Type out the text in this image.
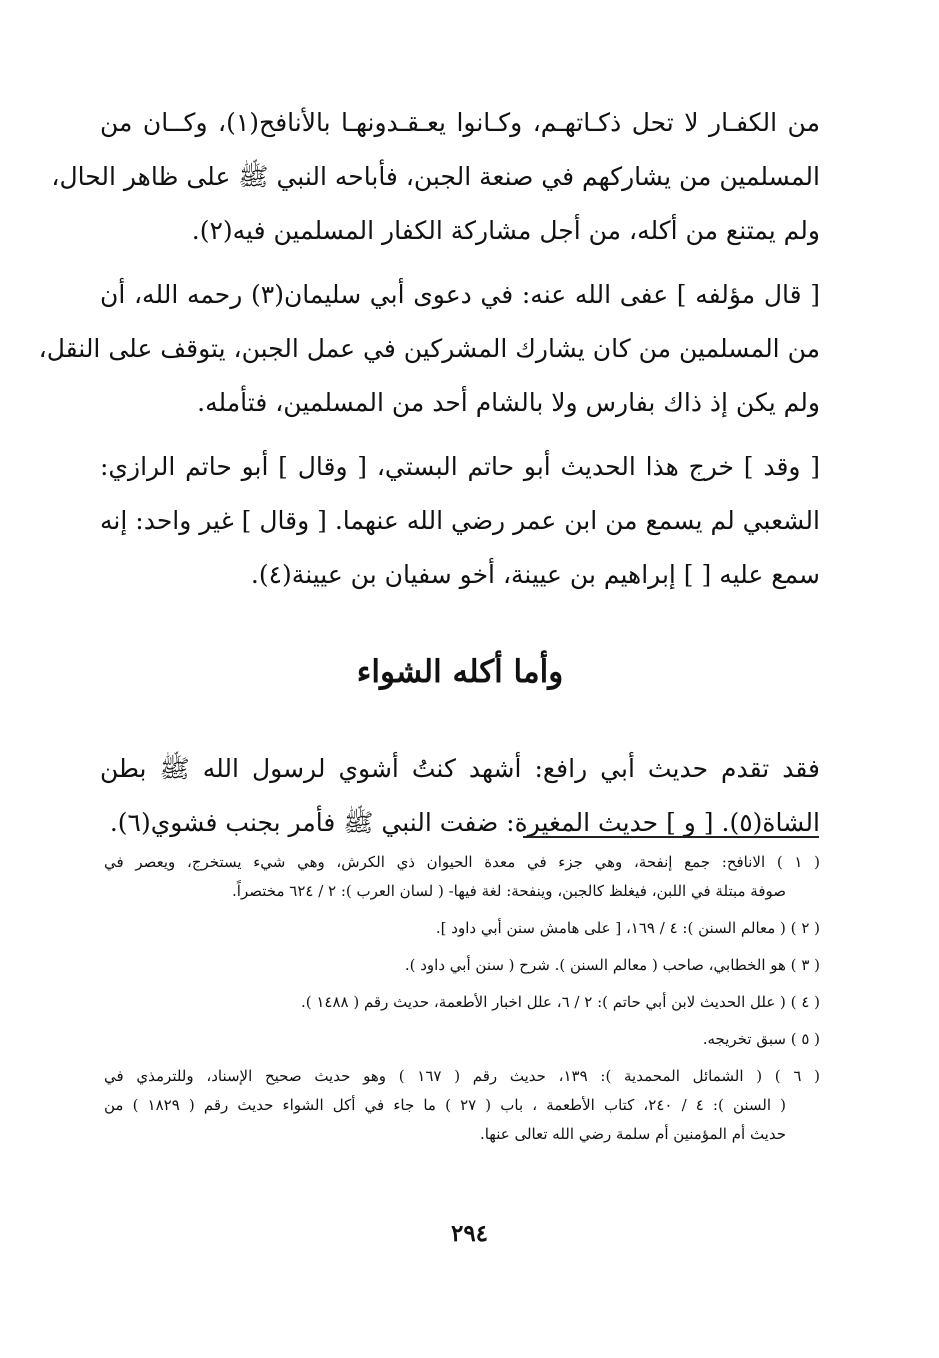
من الكفـار لا تحل ذكـاتهـم، وكـانوا يعـقـدونهـا بالأنافح(١)، وكــان من
المسلمين من يشاركهم في صنعة الجبن، فأباحه النبي ﷺ على ظاهر الحال،
ولم يمتنع من أكله، من أجل مشاركة الكفار المسلمين فيه(٢).
[ قال مؤلفه ] عفى الله عنه: في دعوى أبي سليمان(٣) رحمه الله، أن
من المسلمين من كان يشارك المشركين في عمل الجبن، يتوقف على النقل،
ولم يكن إذ ذاك بفارس ولا بالشام أحد من المسلمين، فتأمله.
[ وقد ] خرج هذا الحديث أبو حاتم البستي، [ وقال ] أبو حاتم الرازي:
الشعبي لم يسمع من ابن عمر رضي الله عنهما. [ وقال ] غير واحد: إنه
سمع عليه [ ] إبراهيم بن عيينة، أخو سفيان بن عيينة(٤).
وأما أكله الشواء
فقد تقدم حديث أبي رافع: أشهد كنتُ أشوي لرسول الله ﷺ بطن
الشاة(٥). [ و ] حديث المغيرة: ضفت النبي ﷺ فأمر بجنب فشوي(٦).
( ١ ) الانافح: جمع إنفحة، وهي جزء في معدة الحيوان ذي الكرش، وهي شيء يستخرج، ويعصر في
صوفة مبتلة في اللبن، فيغلظ كالجبن، وينفحة: لغة فيها- ( لسان العرب ): ٢ / ٦٢٤ مختصراً.
( ٢ ) ( معالم السنن ): ٤ / ١٦٩، [ على هامش سنن أبي داود ].
( ٣ ) هو الخطابي، صاحب ( معالم السنن ). شرح ( سنن أبي داود ).
( ٤ ) ( علل الحديث لابن أبي حاتم ): ٢ / ٦، علل اخبار الأطعمة، حديث رقم ( ١٤٨٨ ).
( ٥ ) سبق تخريجه.
( ٦ ) ( الشمائل المحمدية ): ١٣٩، حديث رقم ( ١٦٧ ) وهو حديث صحيح الإسناد، وللترمذي في
( السنن ): ٤ / ٢٤٠، كتاب الأطعمة ، باب ( ٢٧ ) ما جاء في أكل الشواء حديث رقم ( ١٨٢٩ ) من
حديث أم المؤمنين أم سلمة رضي الله تعالى عنها.
٢٩٤
